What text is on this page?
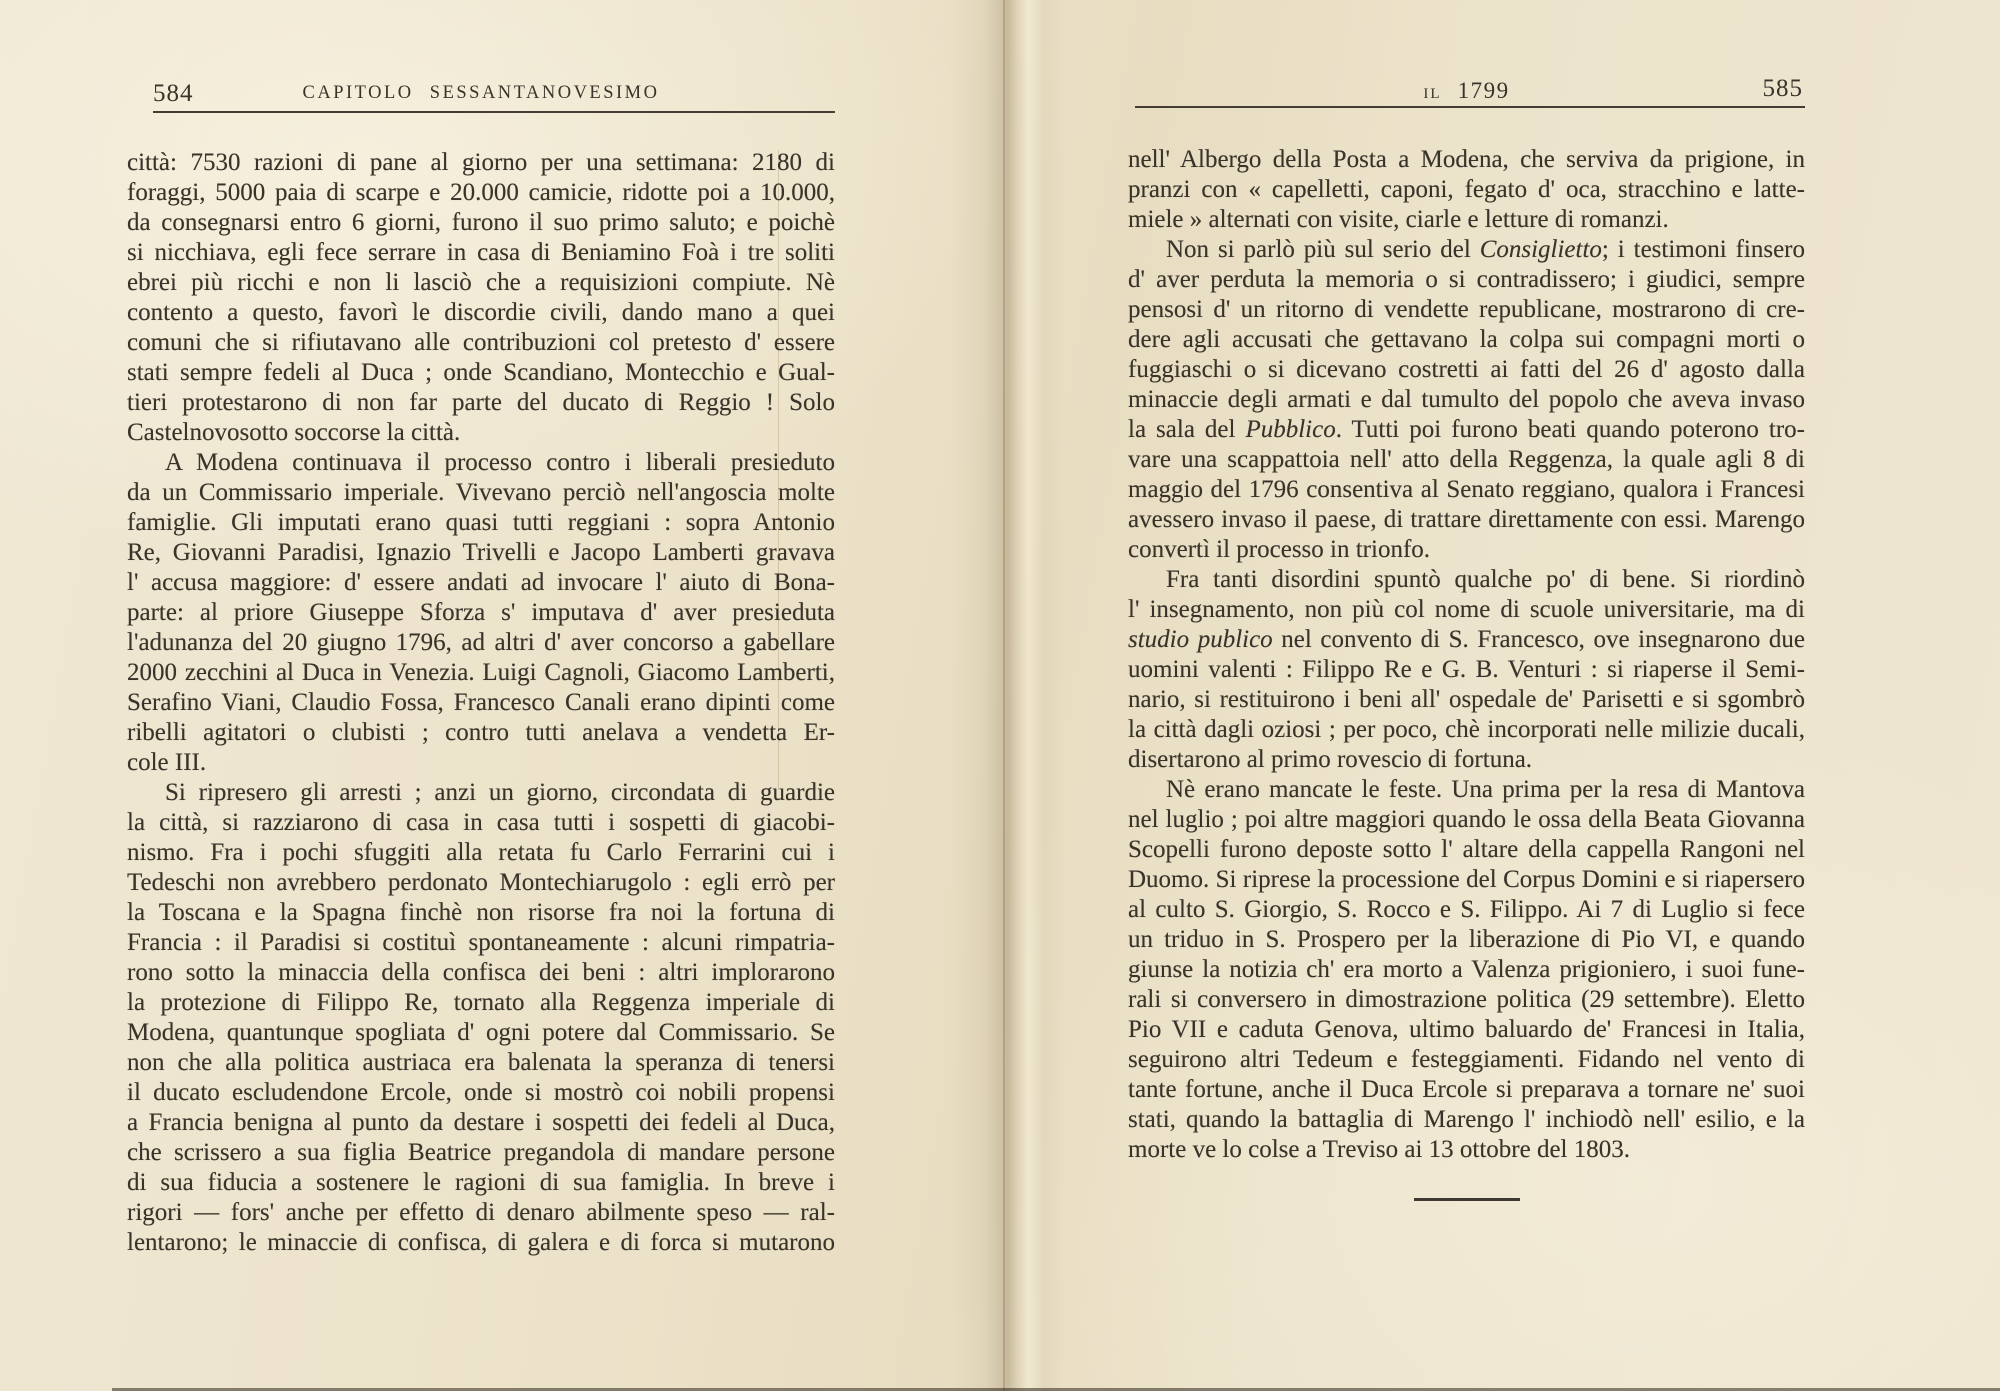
584	CAPITOLO SESSANTANOVESIMO
città: 7530 razioni di pane al giorno per una settimana: 2180 di
foraggi, 5000 paia di scarpe e 20.000 camicie, ridotte poi a 10.000,
da consegnarsi entro 6 giorni, furono il suo primo saluto; e poichè
si nicchiava, egli fece serrare in casa di Beniamino Foà i tre soliti
ebrei più ricchi e non li lasciò che a requisizioni compiute. Nè
contento a questo, favorì le discordie civili, dando mano a quei
comuni che si rifiutavano alle contribuzioni col pretesto d' essere
stati sempre fedeli al Duca ; onde Scandiano, Montecchio e Gual-
tieri protestarono di non far parte del ducato di Reggio ! Solo
Castelnovosotto soccorse la città.
A Modena continuava il processo contro i liberali presieduto
da un Commissario imperiale. Vivevano perciò nell'angoscia molte
famiglie. Gli imputati erano quasi tutti reggiani : sopra Antonio
Re, Giovanni Paradisi, Ignazio Trivelli e Jacopo Lamberti gravava
l' accusa maggiore: d' essere andati ad invocare l' aiuto di Bona-
parte: al priore Giuseppe Sforza s' imputava d' aver presieduta
l'adunanza del 20 giugno 1796, ad altri d' aver concorso a gabellare
2000 zecchini al Duca in Venezia. Luigi Cagnoli, Giacomo Lamberti,
Serafino Viani, Claudio Fossa, Francesco Canali erano dipinti come
ribelli agitatori o clubisti ; contro tutti anelava a vendetta Er-
cole III.
Si ripresero gli arresti ; anzi un giorno, circondata di guardie
la città, si razziarono di casa in casa tutti i sospetti di giacobi-
nismo. Fra i pochi sfuggiti alla retata fu Carlo Ferrarini cui i
Tedeschi non avrebbero perdonato Montechiarugolo : egli errò per
la Toscana e la Spagna finchè non risorse fra noi la fortuna di
Francia : il Paradisi si costituì spontaneamente : alcuni rimpatria-
rono sotto la minaccia della confisca dei beni : altri implorarono
la protezione di Filippo Re, tornato alla Reggenza imperiale di
Modena, quantunque spogliata d' ogni potere dal Commissario. Se
non che alla politica austriaca era balenata la speranza di tenersi
il ducato escludendone Ercole, onde si mostrò coi nobili propensi
a Francia benigna al punto da destare i sospetti dei fedeli al Duca,
che scrissero a sua figlia Beatrice pregandola di mandare persone
di sua fiducia a sostenere le ragioni di sua famiglia. In breve i
rigori — fors' anche per effetto di denaro abilmente speso — ral-
lentarono; le minaccie di confisca, di galera e di forca si mutarono
IL 1799	585
nell' Albergo della Posta a Modena, che serviva da prigione, in
pranzi con « capelletti, caponi, fegato d' oca, stracchino e latte-
miele » alternati con visite, ciarle e letture di romanzi.
Non si parlò più sul serio del Consiglietto; i testimoni finsero
d' aver perduta la memoria o si contradissero; i giudici, sempre
pensosi d' un ritorno di vendette republicane, mostrarono di cre-
dere agli accusati che gettavano la colpa sui compagni morti o
fuggiaschi o si dicevano costretti ai fatti del 26 d' agosto dalla
minaccie degli armati e dal tumulto del popolo che aveva invaso
la sala del Pubblico. Tutti poi furono beati quando poterono tro-
vare una scappattoia nell' atto della Reggenza, la quale agli 8 di
maggio del 1796 consentiva al Senato reggiano, qualora i Francesi
avessero invaso il paese, di trattare direttamente con essi. Marengo
convertì il processo in trionfo.
Fra tanti disordini spuntò qualche po' di bene. Si riordinò
l' insegnamento, non più col nome di scuole universitarie, ma di
studio publico nel convento di S. Francesco, ove insegnarono due
uomini valenti : Filippo Re e G. B. Venturi : si riaperse il Semi-
nario, si restituirono i beni all' ospedale de' Parisetti e si sgombrò
la città dagli oziosi ; per poco, chè incorporati nelle milizie ducali,
disertarono al primo rovescio di fortuna.
Nè erano mancate le feste. Una prima per la resa di Mantova
nel luglio ; poi altre maggiori quando le ossa della Beata Giovanna
Scopelli furono deposte sotto l' altare della cappella Rangoni nel
Duomo. Si riprese la processione del Corpus Domini e si riapersero
al culto S. Giorgio, S. Rocco e S. Filippo. Ai 7 di Luglio si fece
un triduo in S. Prospero per la liberazione di Pio VI, e quando
giunse la notizia ch' era morto a Valenza prigioniero, i suoi fune-
rali si conversero in dimostrazione politica (29 settembre). Eletto
Pio VII e caduta Genova, ultimo baluardo de' Francesi in Italia,
seguirono altri Tedeum e festeggiamenti. Fidando nel vento di
tante fortune, anche il Duca Ercole si preparava a tornare ne' suoi
stati, quando la battaglia di Marengo l' inchiodò nell' esilio, e la
morte ve lo colse a Treviso ai 13 ottobre del 1803.
